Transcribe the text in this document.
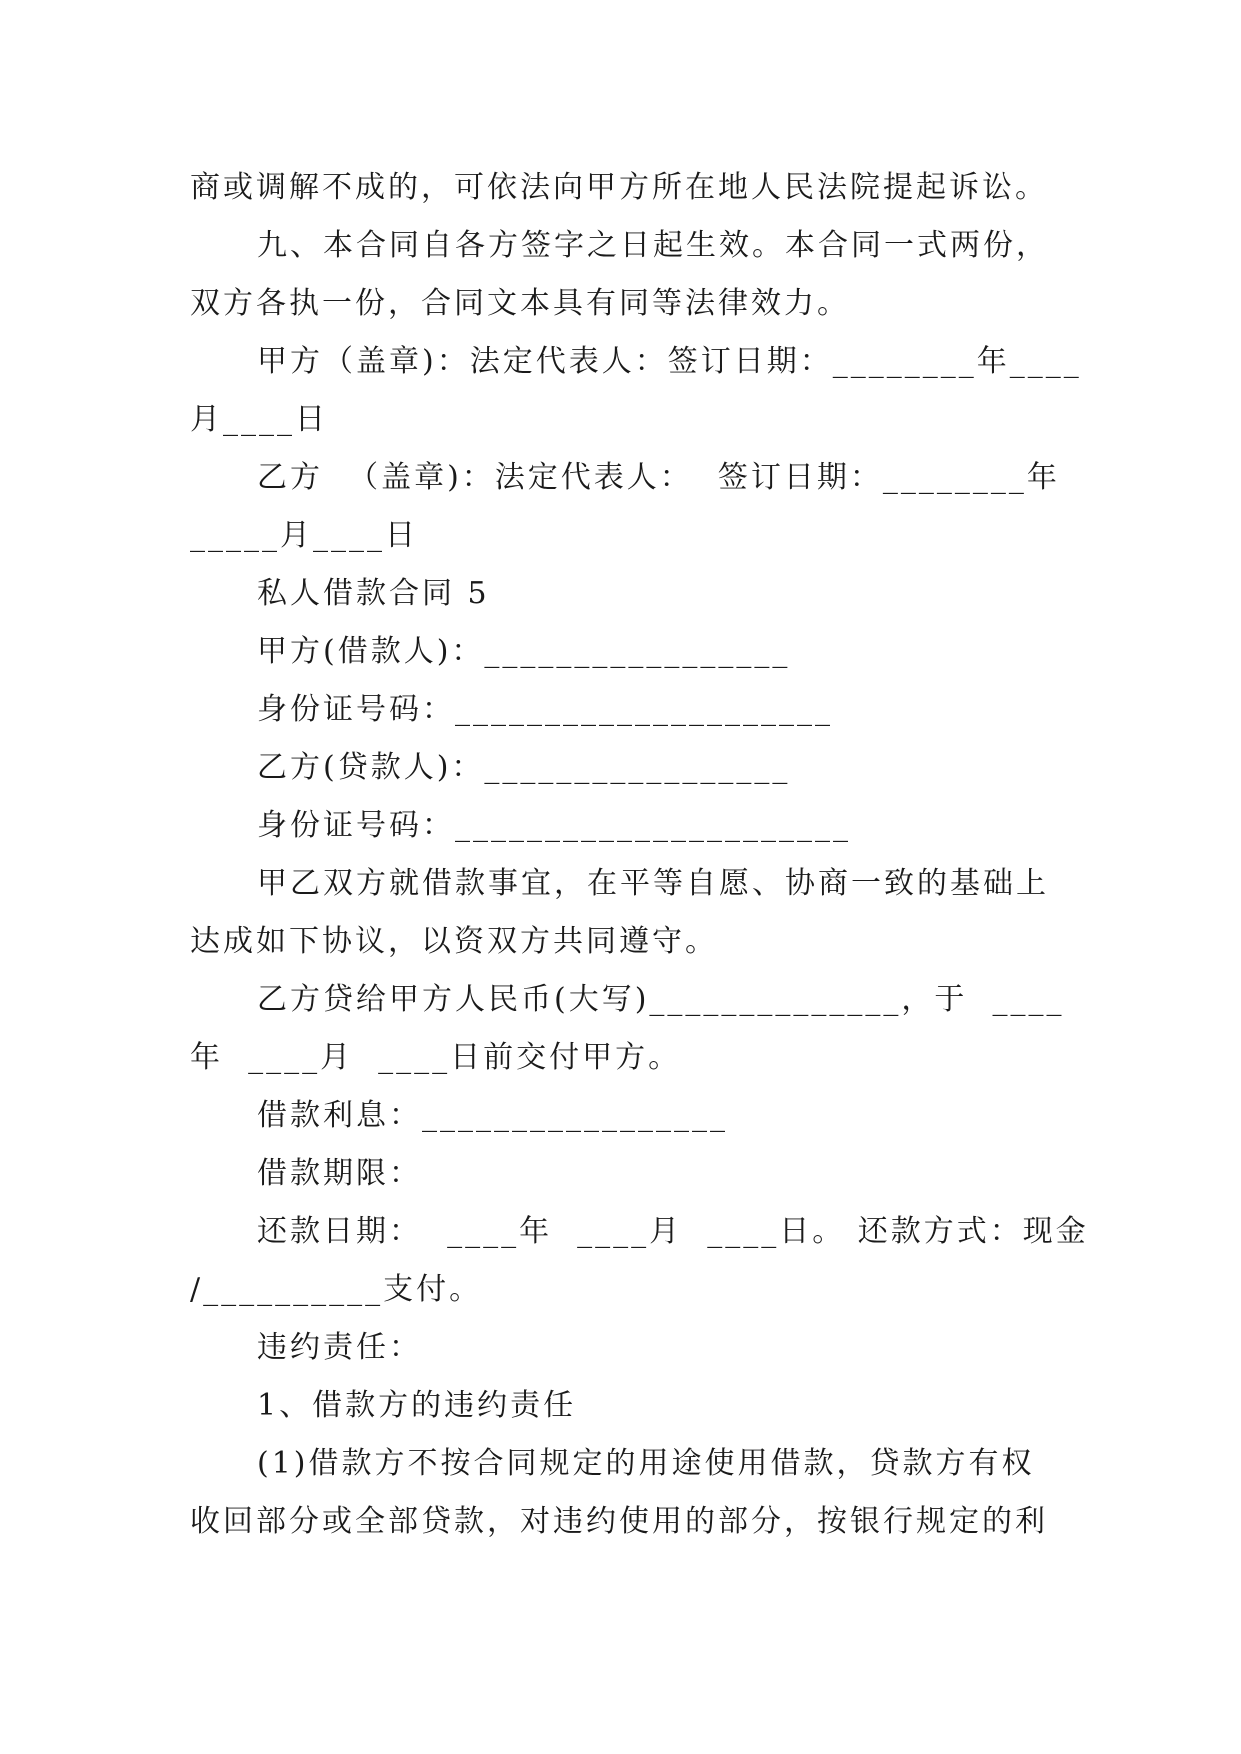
商或调解不成的，可依法向甲方所在地人民法院提起诉讼。
九、本合同自各方签字之日起生效。本合同一式两份，
双方各执一份，合同文本具有同等法律效力。
甲方（盖章)：法定代表人：签订日期：________年____
月____日
乙方  （盖章)：法定代表人：  签订日期：________年
_____月____日
私人借款合同 5
甲方(借款人)：_________________
身份证号码：_____________________
乙方(贷款人)：_________________
身份证号码：______________________
甲乙双方就借款事宜，在平等自愿、协商一致的基础上
达成如下协议，以资双方共同遵守。
乙方贷给甲方人民币(大写)______________，于  ____
年  ____月  ____日前交付甲方。
借款利息：_________________
借款期限：
还款日期：  ____年  ____月  ____日。 还款方式：现金
/__________支付。
违约责任：
1、借款方的违约责任
(1)借款方不按合同规定的用途使用借款，贷款方有权
收回部分或全部贷款，对违约使用的部分，按银行规定的利
